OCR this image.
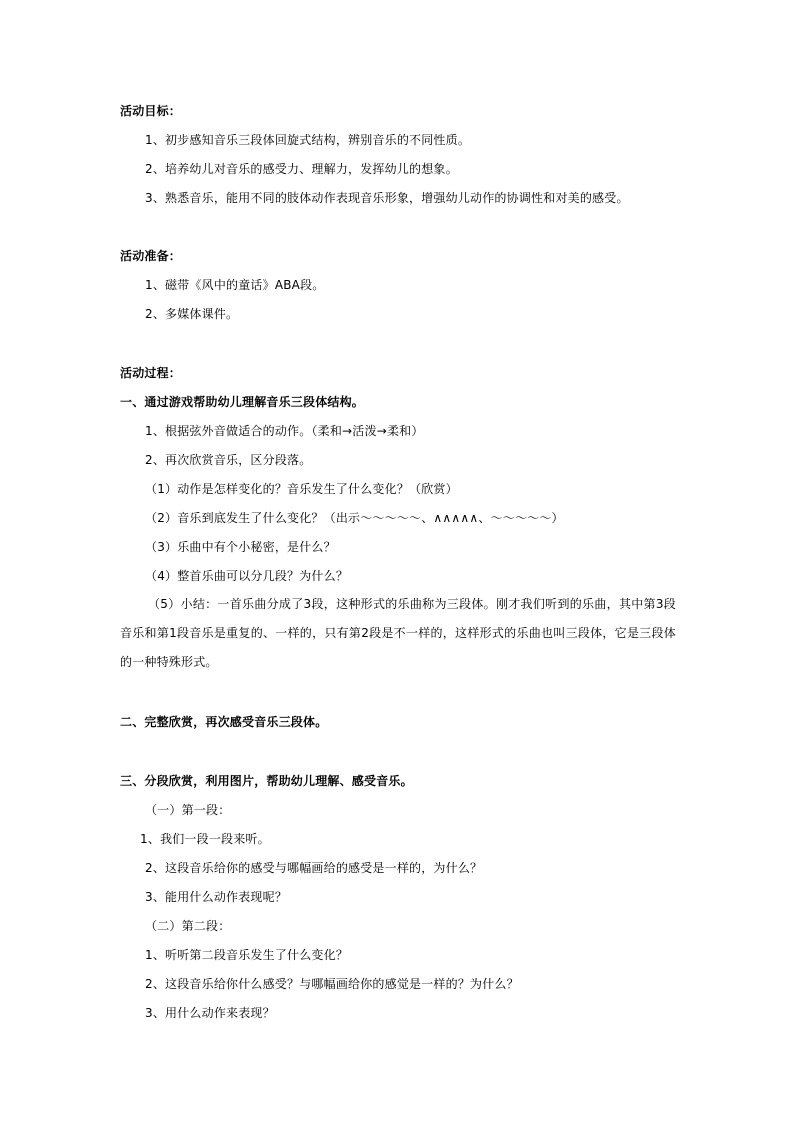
活动目标：
1、初步感知音乐三段体回旋式结构，辨别音乐的不同性质。
2、培养幼儿对音乐的感受力、理解力，发挥幼儿的想象。
3、熟悉音乐，能用不同的肢体动作表现音乐形象，增强幼儿动作的协调性和对美的感受。
活动准备：
1、磁带《风中的童话》ABA段。
2、多媒体课件。
活动过程：
一、通过游戏帮助幼儿理解音乐三段体结构。
1、根据弦外音做适合的动作。（柔和→活泼→柔和）
2、再次欣赏音乐，区分段落。
（1）动作是怎样变化的？音乐发生了什么变化？（欣赏）
（2）音乐到底发生了什么变化？（出示～～～～～、∧∧∧∧∧、～～～～～）
（3）乐曲中有个小秘密，是什么？
（4）整首乐曲可以分几段？为什么？
（5）小结：一首乐曲分成了3段，这种形式的乐曲称为三段体。刚才我们听到的乐曲，其中第3段音乐和第1段音乐是重复的、一样的，只有第2段是不一样的，这样形式的乐曲也叫三段体，它是三段体的一种特殊形式。
二、完整欣赏，再次感受音乐三段体。
三、分段欣赏，利用图片，帮助幼儿理解、感受音乐。
（一）第一段：
1、我们一段一段来听。
2、这段音乐给你的感受与哪幅画给的感受是一样的，为什么？
3、能用什么动作表现呢？
（二）第二段：
1、听听第二段音乐发生了什么变化？
2、这段音乐给你什么感受？与哪幅画给你的感觉是一样的？为什么？
3、用什么动作来表现？
